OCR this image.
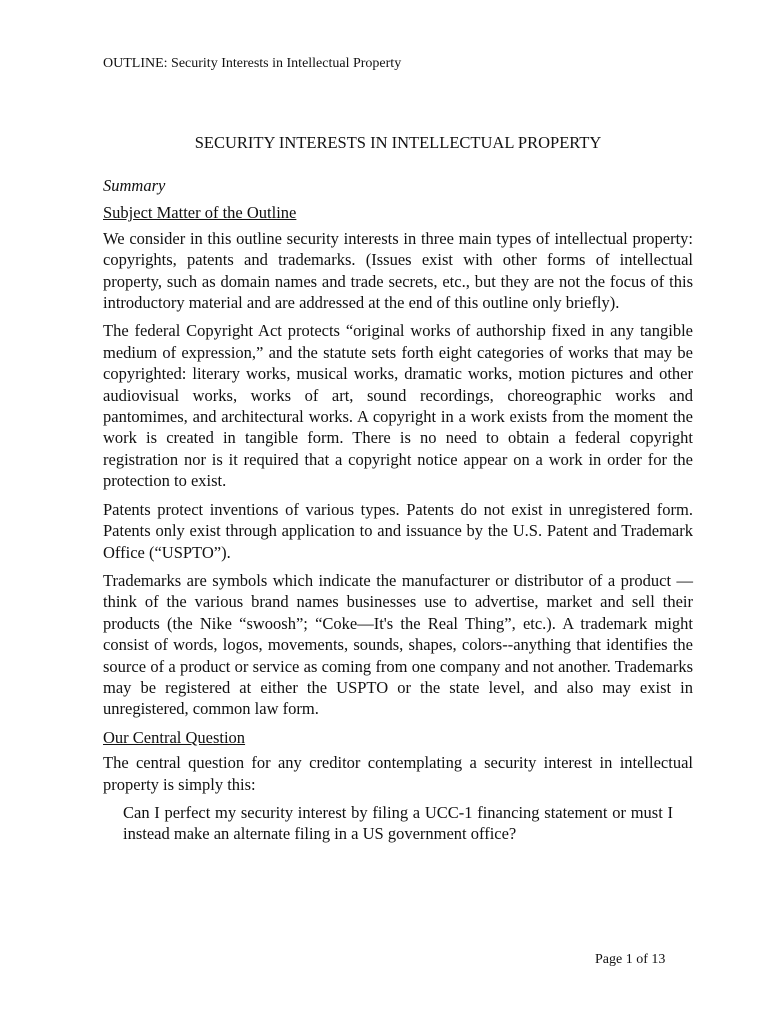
OUTLINE: Security Interests in Intellectual Property
SECURITY INTERESTS IN INTELLECTUAL PROPERTY

Summary

Subject Matter of the Outline

We consider in this outline security interests in three main types of intellectual property: copyrights, patents and trademarks. (Issues exist with other forms of intellectual property, such as domain names and trade secrets, etc., but they are not the focus of this introductory material and are addressed at the end of this outline only briefly).

The federal Copyright Act protects “original works of authorship fixed in any tangible medium of expression,” and the statute sets forth eight categories of works that may be copyrighted: literary works, musical works, dramatic works, motion pictures and other audiovisual works, works of art, sound recordings, choreographic works and pantomimes, and architectural works. A copyright in a work exists from the moment the work is created in tangible form. There is no need to obtain a federal copyright registration nor is it required that a copyright notice appear on a work in order for the protection to exist.

Patents protect inventions of various types. Patents do not exist in unregistered form. Patents only exist through application to and issuance by the U.S. Patent and Trademark Office (“USPTO”).

Trademarks are symbols which indicate the manufacturer or distributor of a product —think of the various brand names businesses use to advertise, market and sell their products (the Nike “swoosh”; “Coke—It's the Real Thing”, etc.). A trademark might consist of words, logos, movements, sounds, shapes, colors--anything that identifies the source of a product or service as coming from one company and not another. Trademarks may be registered at either the USPTO or the state level, and also may exist in unregistered, common law form.

Our Central Question

The central question for any creditor contemplating a security interest in intellectual property is simply this:

Can I perfect my security interest by filing a UCC-1 financing statement or must I instead make an alternate filing in a US government office?

Page 1 of 13
